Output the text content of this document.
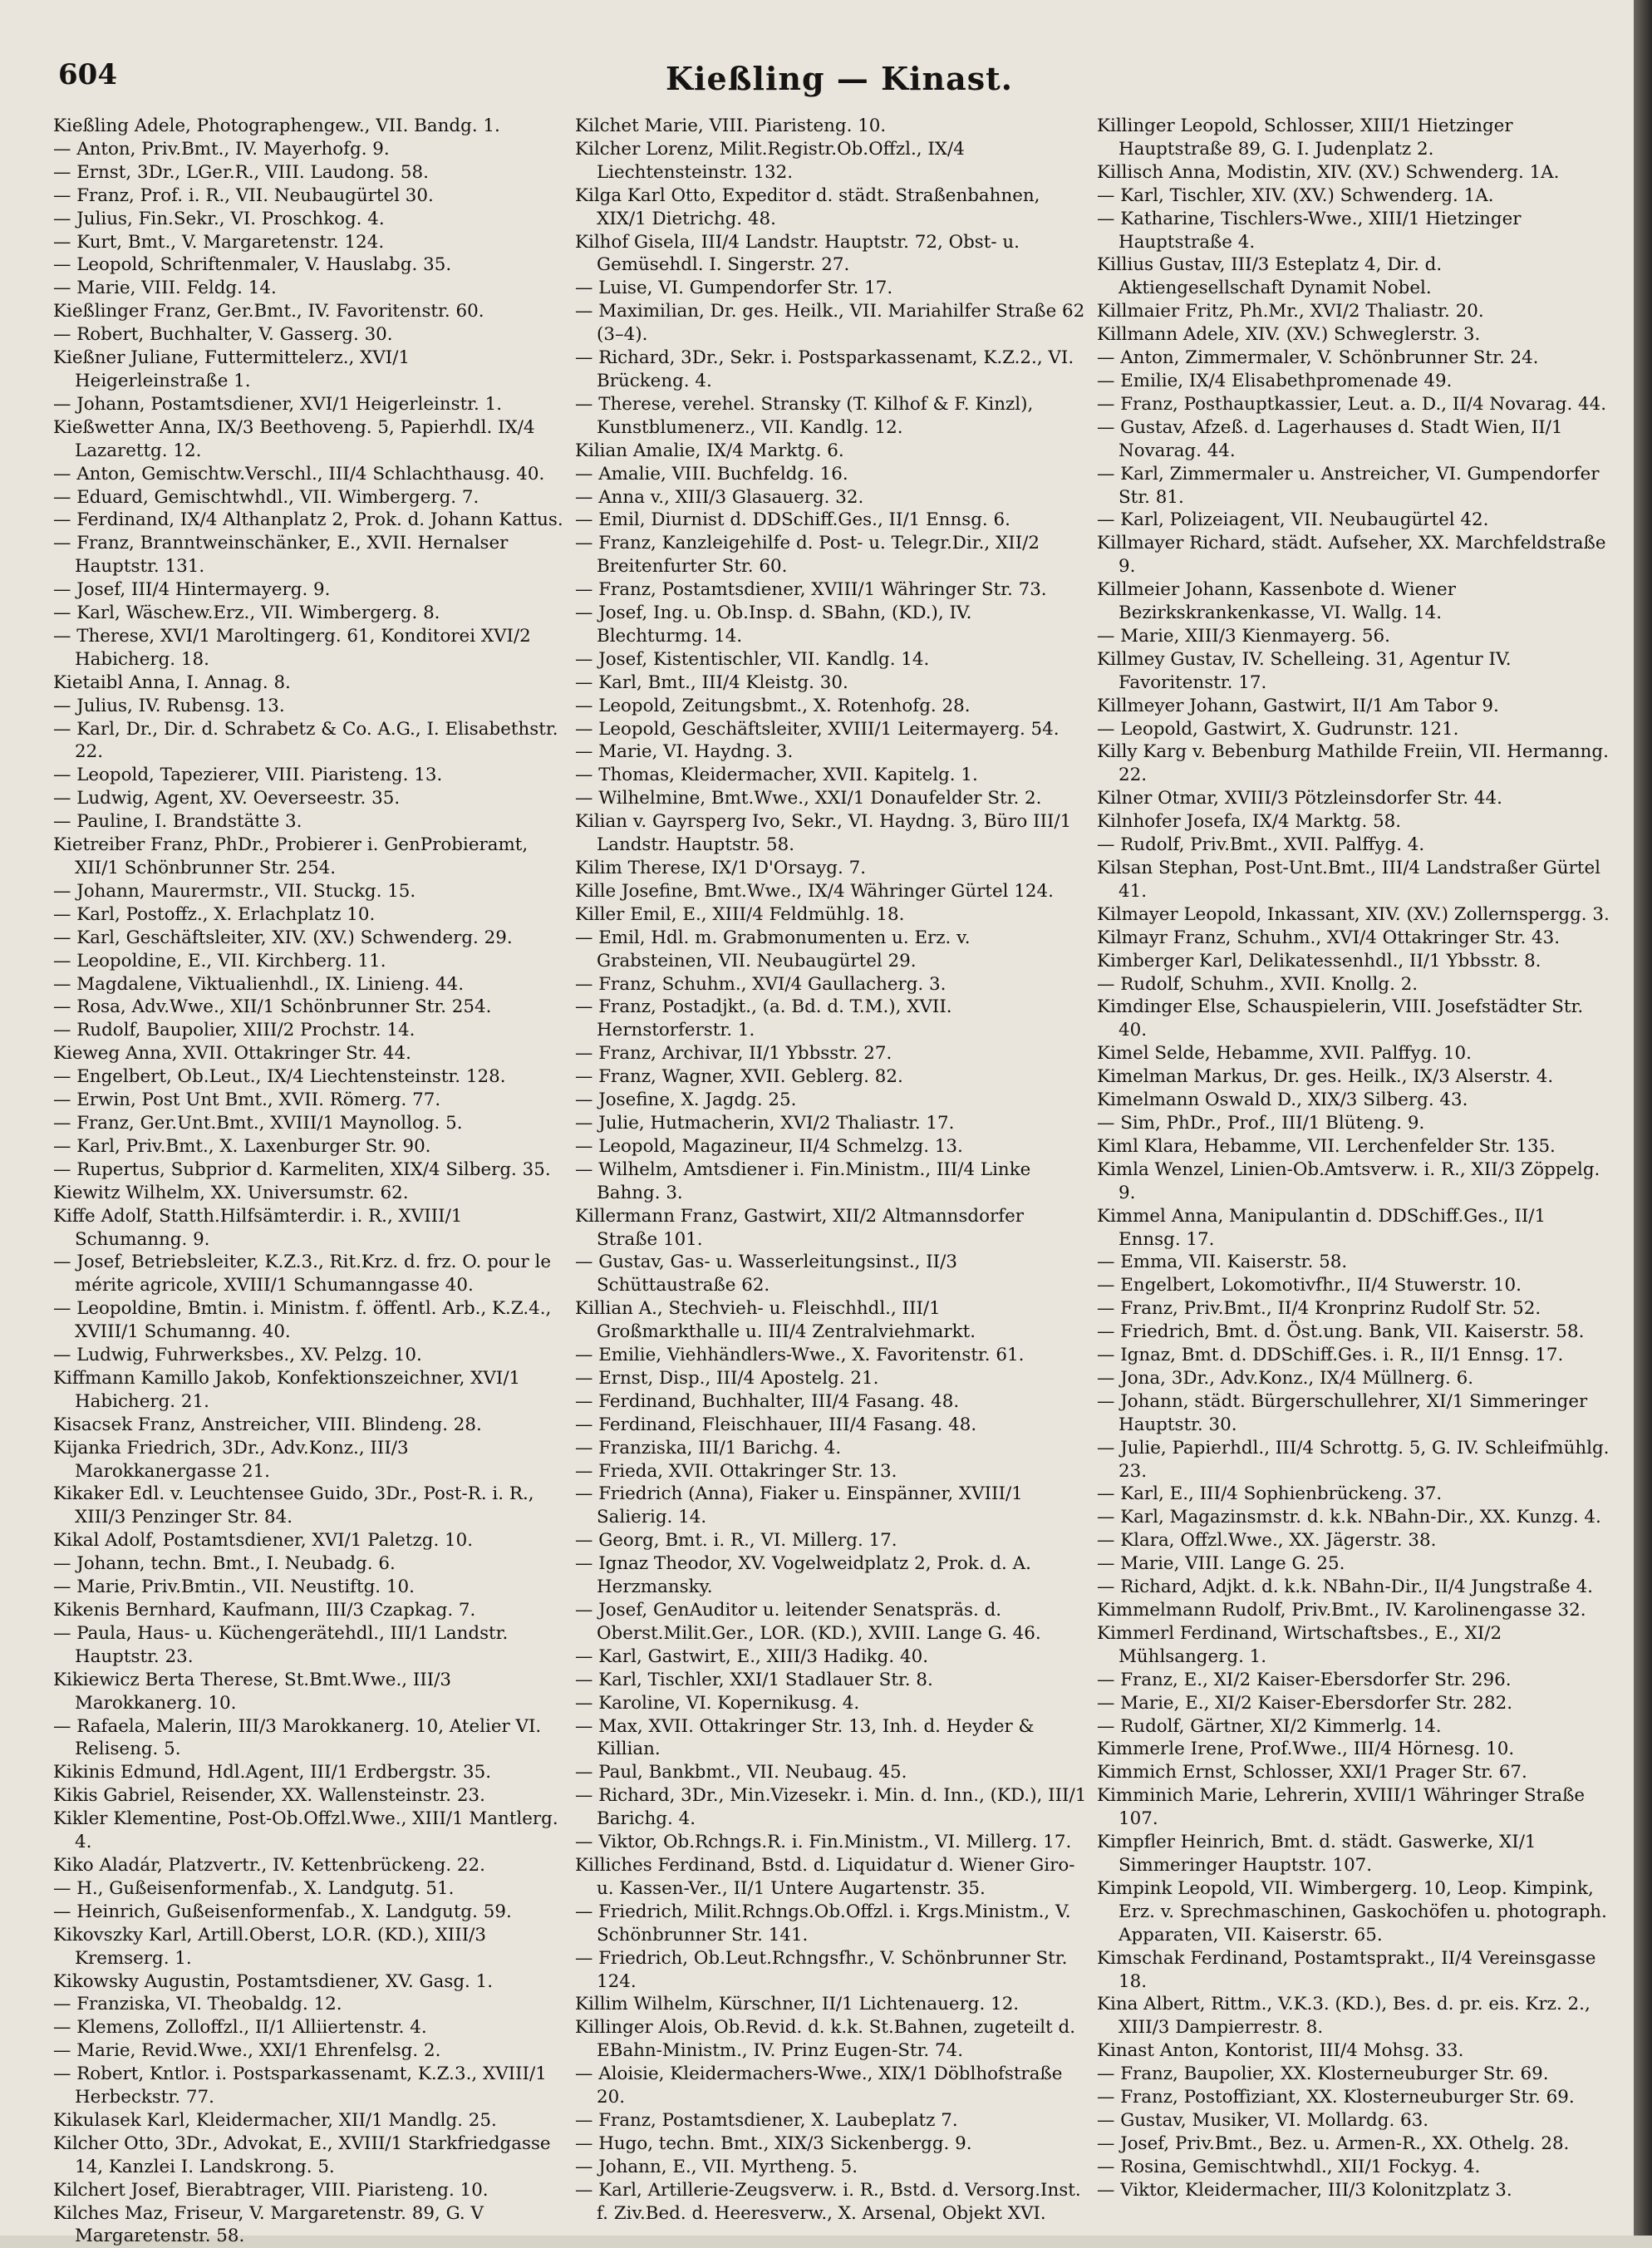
604	Kießling — Kinast.

Kießling Adele, Photographengew., VII. Bandg. 1.

— Anton, Priv.Bmt., IV. Mayerhofg. 9.

— Ernst, 3Dr., LGer.R., VIII. Laudong. 58.

— Franz, Prof. i. R., VII. Neubaugürtel 30.

— Julius, Fin.Sekr., VI. Proschkog. 4.

— Kurt, Bmt., V. Margaretenstr. 124.

— Leopold, Schriftenmaler, V. Hauslabg. 35.

— Marie, VIII. Feldg. 14.

Kießlinger Franz, Ger.Bmt., IV. Favoritenstr. 60.

— Robert, Buchhalter, V. Gasserg. 30.

Kießner Juliane, Futtermittelerz., XVI/1 Heigerleinstraße 1.

— Johann, Postamtsdiener, XVI/1 Heigerleinstr. 1.

Kießwetter Anna, IX/3 Beethoveng. 5, Papierhdl. IX/4 Lazarettg. 12.

— Anton, Gemischtw.Verschl., III/4 Schlachthausg. 40.

— Eduard, Gemischtwhdl., VII. Wimbergerg. 7.

— Ferdinand, IX/4 Althanplatz 2, Prok. d. Johann Kattus.

— Franz, Branntweinschänker, E., XVII. Hernalser Hauptstr. 131.

— Josef, III/4 Hintermayerg. 9.

— Karl, Wäschew.Erz., VII. Wimbergerg. 8.

— Therese, XVI/1 Maroltingerg. 61, Konditorei XVI/2 Habicherg. 18.

Kietaibl Anna, I. Annag. 8.

— Julius, IV. Rubensg. 13.

— Karl, Dr., Dir. d. Schrabetz & Co. A.G., I. Elisabethstr. 22.

— Leopold, Tapezierer, VIII. Piaristeng. 13.

— Ludwig, Agent, XV. Oeverseestr. 35.

— Pauline, I. Brandstätte 3.

Kietreiber Franz, PhDr., Probierer i. GenProbieramt, XII/1 Schönbrunner Str. 254.

— Johann, Maurermstr., VII. Stuckg. 15.

— Karl, Postoffz., X. Erlachplatz 10.

— Karl, Geschäftsleiter, XIV. (XV.) Schwenderg. 29.

— Leopoldine, E., VII. Kirchberg. 11.

— Magdalene, Viktualienhdl., IX. Linieng. 44.

— Rosa, Adv.Wwe., XII/1 Schönbrunner Str. 254.

— Rudolf, Baupolier, XIII/2 Prochstr. 14.

Kieweg Anna, XVII. Ottakringer Str. 44.

— Engelbert, Ob.Leut., IX/4 Liechtensteinstr. 128.

— Erwin, Post Unt Bmt., XVII. Römerg. 77.

— Franz, Ger.Unt.Bmt., XVIII/1 Maynollog. 5.

— Karl, Priv.Bmt., X. Laxenburger Str. 90.

— Rupertus, Subprior d. Karmeliten, XIX/4 Silberg. 35.

Kiewitz Wilhelm, XX. Universumstr. 62.

Kiffe Adolf, Statth.Hilfsämterdir. i. R., XVIII/1 Schumanng. 9.

— Josef, Betriebsleiter, K.Z.3., Rit.Krz. d. frz. O. pour le mérite agricole, XVIII/1 Schumanngasse 40.

— Leopoldine, Bmtin. i. Ministm. f. öffentl. Arb., K.Z.4., XVIII/1 Schumanng. 40.

— Ludwig, Fuhrwerksbes., XV. Pelzg. 10.

Kiffmann Kamillo Jakob, Konfektionszeichner, XVI/1 Habicherg. 21.

Kisacsek Franz, Anstreicher, VIII. Blindeng. 28.

Kijanka Friedrich, 3Dr., Adv.Konz., III/3 Marokkanergasse 21.

Kikaker Edl. v. Leuchtensee Guido, 3Dr., Post-R. i. R., XIII/3 Penzinger Str. 84.

Kikal Adolf, Postamtsdiener, XVI/1 Paletzg. 10.

— Johann, techn. Bmt., I. Neubadg. 6.

— Marie, Priv.Bmtin., VII. Neustiftg. 10.

Kikenis Bernhard, Kaufmann, III/3 Czapkag. 7.

— Paula, Haus- u. Küchengerätehdl., III/1 Landstr. Hauptstr. 23.

Kikiewicz Berta Therese, St.Bmt.Wwe., III/3 Marokkanerg. 10.

— Rafaela, Malerin, III/3 Marokkanerg. 10, Atelier VI. Reliseng. 5.

Kikinis Edmund, Hdl.Agent, III/1 Erdbergstr. 35.

Kikis Gabriel, Reisender, XX. Wallensteinstr. 23.

Kikler Klementine, Post-Ob.Offzl.Wwe., XIII/1 Mantlerg. 4.

Kiko Aladár, Platzvertr., IV. Kettenbrückeng. 22.

— H., Gußeisenformenfab., X. Landgutg. 51.

— Heinrich, Gußeisenformenfab., X. Landgutg. 59.

Kikovszky Karl, Artill.Oberst, LO.R. (KD.), XIII/3 Kremserg. 1.

Kikowsky Augustin, Postamtsdiener, XV. Gasg. 1.

— Franziska, VI. Theobaldg. 12.

— Klemens, Zolloffzl., II/1 Alliiertenstr. 4.

— Marie, Revid.Wwe., XXI/1 Ehrenfelsg. 2.

— Robert, Kntlor. i. Postsparkassenamt, K.Z.3., XVIII/1 Herbeckstr. 77.

Kikulasek Karl, Kleidermacher, XII/1 Mandlg. 25.

Kilcher Otto, 3Dr., Advokat, E., XVIII/1 Starkfriedgasse 14, Kanzlei I. Landskrong. 5.

Kilchert Josef, Bierabtrager, VIII. Piaristeng. 10.

Kilches Maz, Friseur, V. Margaretenstr. 89, G. V Margaretenstr. 58.

Kilchet Marie, VIII. Piaristeng. 10.

Kilcher Lorenz, Milit.Registr.Ob.Offzl., IX/4 Liechtensteinstr. 132.

Kilga Karl Otto, Expeditor d. städt. Straßenbahnen, XIX/1 Dietrichg. 48.

Kilhof Gisela, III/4 Landstr. Hauptstr. 72, Obst- u. Gemüsehdl. I. Singerstr. 27.

— Luise, VI. Gumpendorfer Str. 17.

— Maximilian, Dr. ges. Heilk., VII. Mariahilfer Straße 62 (3–4).

— Richard, 3Dr., Sekr. i. Postsparkassenamt, K.Z.2., VI. Brückeng. 4.

— Therese, verehel. Stransky (T. Kilhof & F. Kinzl), Kunstblumenerz., VII. Kandlg. 12.

Kilian Amalie, IX/4 Marktg. 6.

— Amalie, VIII. Buchfeldg. 16.

— Anna v., XIII/3 Glasauerg. 32.

— Emil, Diurnist d. DDSchiff.Ges., II/1 Ennsg. 6.

— Franz, Kanzleigehilfe d. Post- u. Telegr.Dir., XII/2 Breitenfurter Str. 60.

— Franz, Postamtsdiener, XVIII/1 Währinger Str. 73.

— Josef, Ing. u. Ob.Insp. d. SBahn, (KD.), IV. Blechturmg. 14.

— Josef, Kistentischler, VII. Kandlg. 14.

— Karl, Bmt., III/4 Kleistg. 30.

— Leopold, Zeitungsbmt., X. Rotenhofg. 28.

— Leopold, Geschäftsleiter, XVIII/1 Leitermayerg. 54.

— Marie, VI. Haydng. 3.

— Thomas, Kleidermacher, XVII. Kapitelg. 1.

— Wilhelmine, Bmt.Wwe., XXI/1 Donaufelder Str. 2.

Kilian v. Gayrsperg Ivo, Sekr., VI. Haydng. 3, Büro III/1 Landstr. Hauptstr. 58.

Kilim Therese, IX/1 D'Orsayg. 7.

Kille Josefine, Bmt.Wwe., IX/4 Währinger Gürtel 124.

Killer Emil, E., XIII/4 Feldmühlg. 18.

— Emil, Hdl. m. Grabmonumenten u. Erz. v. Grabsteinen, VII. Neubaugürtel 29.

— Franz, Schuhm., XVI/4 Gaullacherg. 3.

— Franz, Postadjkt., (a. Bd. d. T.M.), XVII. Hernstorferstr. 1.

— Franz, Archivar, II/1 Ybbsstr. 27.

— Franz, Wagner, XVII. Geblerg. 82.

— Josefine, X. Jagdg. 25.

— Julie, Hutmacherin, XVI/2 Thaliastr. 17.

— Leopold, Magazineur, II/4 Schmelzg. 13.

— Wilhelm, Amtsdiener i. Fin.Ministm., III/4 Linke Bahng. 3.

Killermann Franz, Gastwirt, XII/2 Altmannsdorfer Straße 101.

— Gustav, Gas- u. Wasserleitungsinst., II/3 Schüttaustraße 62.

Killian A., Stechvieh- u. Fleischhdl., III/1 Großmarkthalle u. III/4 Zentralviehmarkt.

— Emilie, Viehhändlers-Wwe., X. Favoritenstr. 61.

— Ernst, Disp., III/4 Apostelg. 21.

— Ferdinand, Buchhalter, III/4 Fasang. 48.

— Ferdinand, Fleischhauer, III/4 Fasang. 48.

— Franziska, III/1 Barichg. 4.

— Frieda, XVII. Ottakringer Str. 13.

— Friedrich (Anna), Fiaker u. Einspänner, XVIII/1 Salierig. 14.

— Georg, Bmt. i. R., VI. Millerg. 17.

— Ignaz Theodor, XV. Vogelweidplatz 2, Prok. d. A. Herzmansky.

— Josef, GenAuditor u. leitender Senatspräs. d. Oberst.Milit.Ger., LOR. (KD.), XVIII. Lange G. 46.

— Karl, Gastwirt, E., XIII/3 Hadikg. 40.

— Karl, Tischler, XXI/1 Stadlauer Str. 8.

— Karoline, VI. Kopernikusg. 4.

— Max, XVII. Ottakringer Str. 13, Inh. d. Heyder & Killian.

— Paul, Bankbmt., VII. Neubaug. 45.

— Richard, 3Dr., Min.Vizesekr. i. Min. d. Inn., (KD.), III/1 Barichg. 4.

— Viktor, Ob.Rchngs.R. i. Fin.Ministm., VI. Millerg. 17.

Killiches Ferdinand, Bstd. d. Liquidatur d. Wiener Giro- u. Kassen-Ver., II/1 Untere Augartenstr. 35.

— Friedrich, Milit.Rchngs.Ob.Offzl. i. Krgs.Ministm., V. Schönbrunner Str. 141.

— Friedrich, Ob.Leut.Rchngsfhr., V. Schönbrunner Str. 124.

Killim Wilhelm, Kürschner, II/1 Lichtenauerg. 12.

Killinger Alois, Ob.Revid. d. k.k. St.Bahnen, zugeteilt d. EBahn-Ministm., IV. Prinz Eugen-Str. 74.

— Aloisie, Kleidermachers-Wwe., XIX/1 Döblhofstraße 20.

— Franz, Postamtsdiener, X. Laubeplatz 7.

— Hugo, techn. Bmt., XIX/3 Sickenbergg. 9.

— Johann, E., VII. Myrtheng. 5.

— Karl, Artillerie-Zeugsverw. i. R., Bstd. d. Versorg.Inst. f. Ziv.Bed. d. Heeresverw., X. Arsenal, Objekt XVI.

Killinger Leopold, Schlosser, XIII/1 Hietzinger Hauptstraße 89, G. I. Judenplatz 2.

Killisch Anna, Modistin, XIV. (XV.) Schwenderg. 1A.

— Karl, Tischler, XIV. (XV.) Schwenderg. 1A.

— Katharine, Tischlers-Wwe., XIII/1 Hietzinger Hauptstraße 4.

Killius Gustav, III/3 Esteplatz 4, Dir. d. Aktiengesellschaft Dynamit Nobel.

Killmaier Fritz, Ph.Mr., XVI/2 Thaliastr. 20.

Killmann Adele, XIV. (XV.) Schweglerstr. 3.

— Anton, Zimmermaler, V. Schönbrunner Str. 24.

— Emilie, IX/4 Elisabethpromenade 49.

— Franz, Posthauptkassier, Leut. a. D., II/4 Novarag. 44.

— Gustav, Afzeß. d. Lagerhauses d. Stadt Wien, II/1 Novarag. 44.

— Karl, Zimmermaler u. Anstreicher, VI. Gumpendorfer Str. 81.

— Karl, Polizeiagent, VII. Neubaugürtel 42.

Killmayer Richard, städt. Aufseher, XX. Marchfeldstraße 9.

Killmeier Johann, Kassenbote d. Wiener Bezirkskrankenkasse, VI. Wallg. 14.

— Marie, XIII/3 Kienmayerg. 56.

Killmey Gustav, IV. Schelleing. 31, Agentur IV. Favoritenstr. 17.

Killmeyer Johann, Gastwirt, II/1 Am Tabor 9.

— Leopold, Gastwirt, X. Gudrunstr. 121.

Killy Karg v. Bebenburg Mathilde Freiin, VII. Hermanng. 22.

Kilner Otmar, XVIII/3 Pötzleinsdorfer Str. 44.

Kilnhofer Josefa, IX/4 Marktg. 58.

— Rudolf, Priv.Bmt., XVII. Palffyg. 4.

Kilsan Stephan, Post-Unt.Bmt., III/4 Landstraßer Gürtel 41.

Kilmayer Leopold, Inkassant, XIV. (XV.) Zollernspergg. 3.

Kilmayr Franz, Schuhm., XVI/4 Ottakringer Str. 43.

Kimberger Karl, Delikatessenhdl., II/1 Ybbsstr. 8.

— Rudolf, Schuhm., XVII. Knollg. 2.

Kimdinger Else, Schauspielerin, VIII. Josefstädter Str. 40.

Kimel Selde, Hebamme, XVII. Palffyg. 10.

Kimelman Markus, Dr. ges. Heilk., IX/3 Alserstr. 4.

Kimelmann Oswald D., XIX/3 Silberg. 43.

— Sim, PhDr., Prof., III/1 Blüteng. 9.

Kiml Klara, Hebamme, VII. Lerchenfelder Str. 135.

Kimla Wenzel, Linien-Ob.Amtsverw. i. R., XII/3 Zöppelg. 9.

Kimmel Anna, Manipulantin d. DDSchiff.Ges., II/1 Ennsg. 17.

— Emma, VII. Kaiserstr. 58.

— Engelbert, Lokomotivfhr., II/4 Stuwerstr. 10.

— Franz, Priv.Bmt., II/4 Kronprinz Rudolf Str. 52.

— Friedrich, Bmt. d. Öst.ung. Bank, VII. Kaiserstr. 58.

— Ignaz, Bmt. d. DDSchiff.Ges. i. R., II/1 Ennsg. 17.

— Jona, 3Dr., Adv.Konz., IX/4 Müllnerg. 6.

— Johann, städt. Bürgerschullehrer, XI/1 Simmeringer Hauptstr. 30.

— Julie, Papierhdl., III/4 Schrottg. 5, G. IV. Schleifmühlg. 23.

— Karl, E., III/4 Sophienbrückeng. 37.

— Karl, Magazinsmstr. d. k.k. NBahn-Dir., XX. Kunzg. 4.

— Klara, Offzl.Wwe., XX. Jägerstr. 38.

— Marie, VIII. Lange G. 25.

— Richard, Adjkt. d. k.k. NBahn-Dir., II/4 Jungstraße 4.

Kimmelmann Rudolf, Priv.Bmt., IV. Karolinengasse 32.

Kimmerl Ferdinand, Wirtschaftsbes., E., XI/2 Mühlsangerg. 1.

— Franz, E., XI/2 Kaiser-Ebersdorfer Str. 296.

— Marie, E., XI/2 Kaiser-Ebersdorfer Str. 282.

— Rudolf, Gärtner, XI/2 Kimmerlg. 14.

Kimmerle Irene, Prof.Wwe., III/4 Hörnesg. 10.

Kimmich Ernst, Schlosser, XXI/1 Prager Str. 67.

Kimminich Marie, Lehrerin, XVIII/1 Währinger Straße 107.

Kimpfler Heinrich, Bmt. d. städt. Gaswerke, XI/1 Simmeringer Hauptstr. 107.

Kimpink Leopold, VII. Wimbergerg. 10, Leop. Kimpink, Erz. v. Sprechmaschinen, Gaskochöfen u. photograph. Apparaten, VII. Kaiserstr. 65.

Kimschak Ferdinand, Postamtsprakt., II/4 Vereinsgasse 18.

Kina Albert, Rittm., V.K.3. (KD.), Bes. d. pr. eis. Krz. 2., XIII/3 Dampierrestr. 8.

Kinast Anton, Kontorist, III/4 Mohsg. 33.

— Franz, Baupolier, XX. Klosterneuburger Str. 69.

— Franz, Postoffiziant, XX. Klosterneuburger Str. 69.

— Gustav, Musiker, VI. Mollardg. 63.

— Josef, Priv.Bmt., Bez. u. Armen-R., XX. Othelg. 28.

— Rosina, Gemischtwhdl., XII/1 Fockyg. 4.

— Viktor, Kleidermacher, III/3 Kolonitzplatz 3.
